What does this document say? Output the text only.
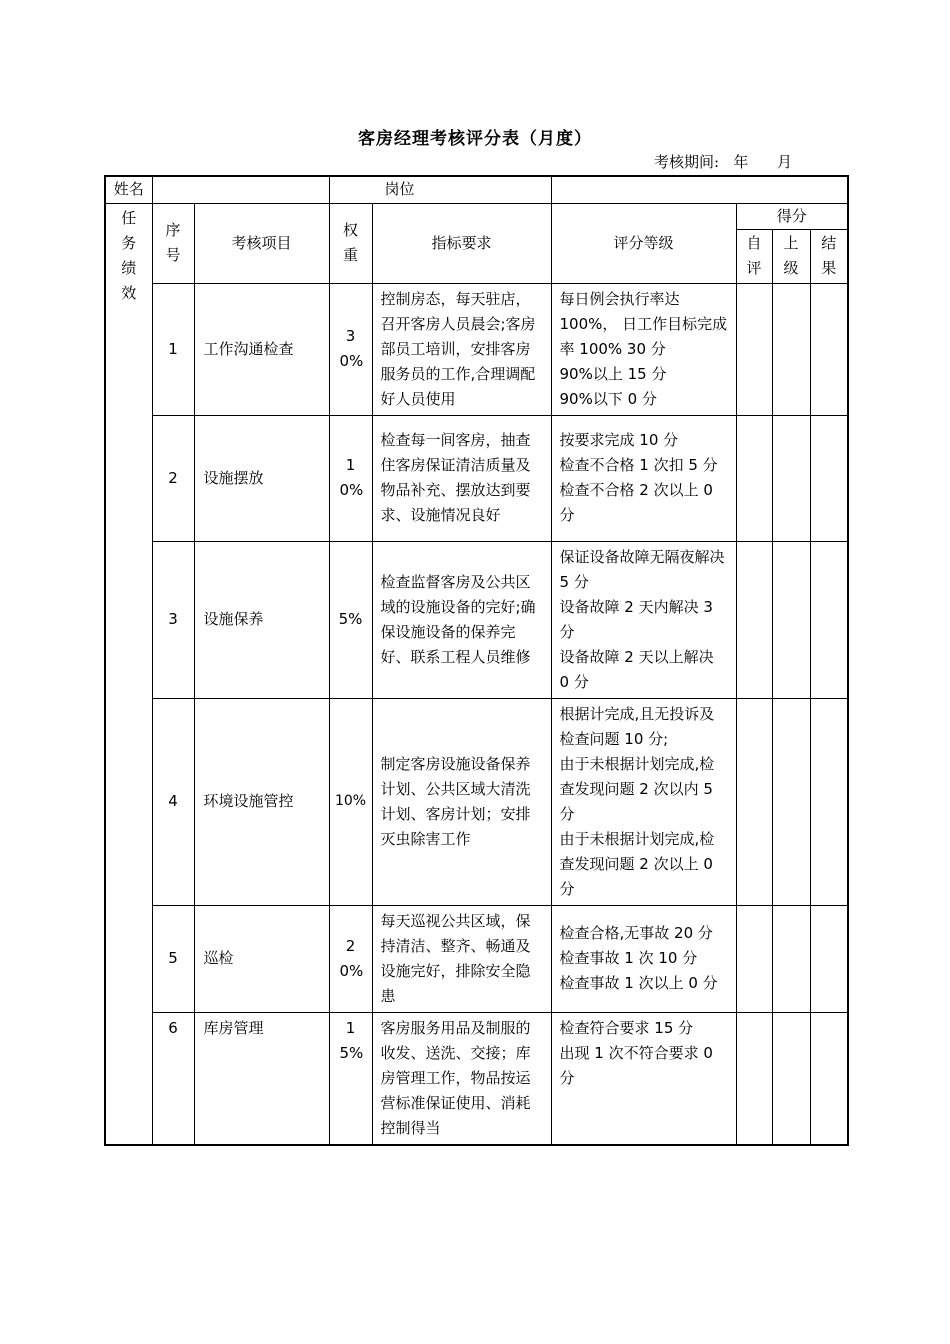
客房经理考核评分表（月度）
考核期间: 年 月
姓名			岗位					

任务绩效	序号	考核项目	权重	指标要求	评分等级	得分		

						自评	上级	结果

	1	工作沟通检查	30%	控制房态，每天驻店，召开客房人员晨会;客房部员工培训，安排客房服务员的工作,合理调配好人员使用	每日例会执行率达100%， 日工作目标完成率 100% 30 分
90%以上 15 分
90%以下 0 分			

	2	设施摆放	10%	检查每一间客房，抽查住客房保证清洁质量及物品补充、摆放达到要求、设施情况良好	按要求完成 10 分
检查不合格 1 次扣 5 分
检查不合格 2 次以上 0 分			

	3	设施保养	5%	检查监督客房及公共区域的设施设备的完好;确保设施设备的保养完好、联系工程人员维修	保证设备故障无隔夜解决 5 分
设备故障 2 天内解决 3 分
设备故障 2 天以上解决 0 分			

	4	环境设施管控	10%	制定客房设施设备保养计划、公共区域大清洗计划、客房计划；安排灭虫除害工作	根据计完成,且无投诉及检查问题 10 分;
由于未根据计划完成,检查发现问题 2 次以内 5 分
由于未根据计划完成,检查发现问题 2 次以上 0 分			

	5	巡检	20%	每天巡视公共区域，保持清洁、整齐、畅通及设施完好，排除安全隐患	检查合格,无事故 20 分
检查事故 1 次 10 分
检查事故 1 次以上 0 分			

	6	库房管理	15%	客房服务用品及制服的收发、送洗、交接；库房管理工作，物品按运营标准保证使用、消耗控制得当	检查符合要求 15 分
出现 1 次不符合要求 0 分			
